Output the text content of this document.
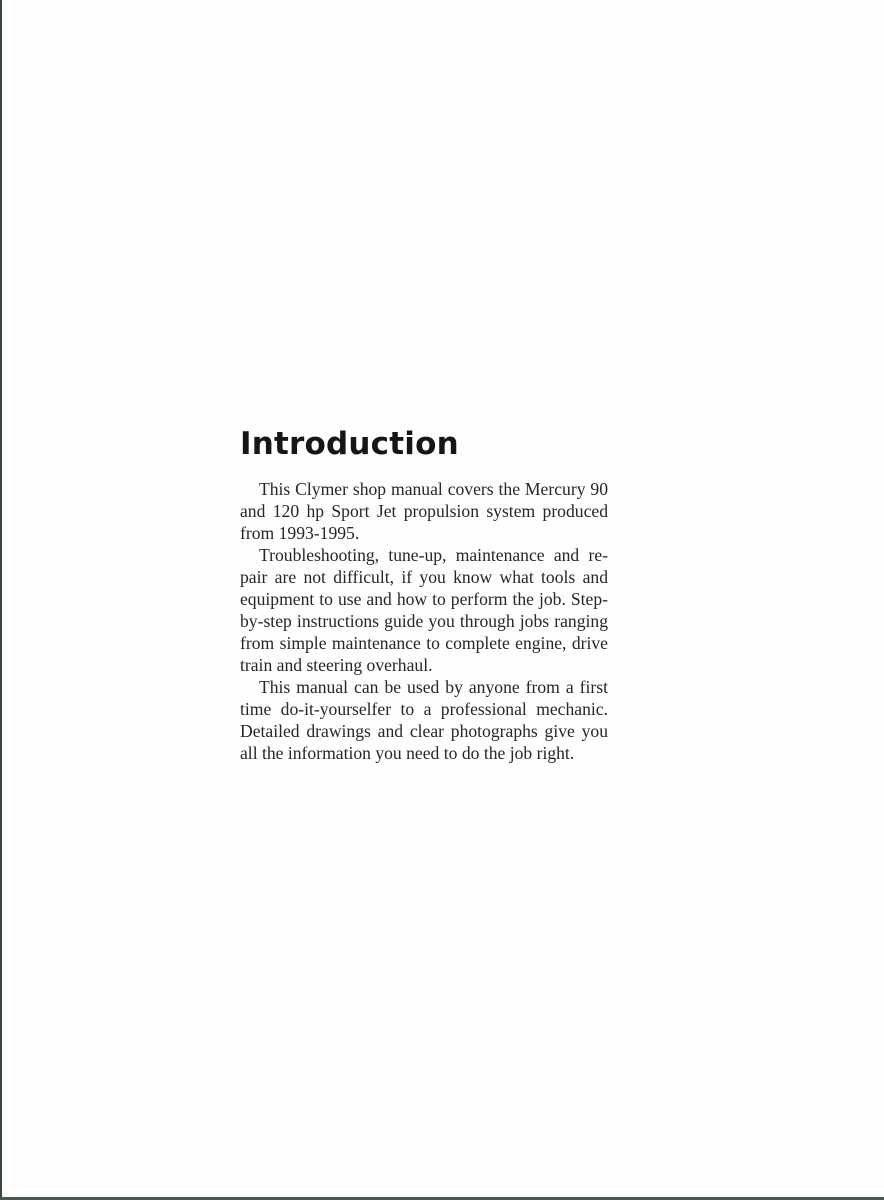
Introduction

This Clymer shop manual covers the Mercury 90 and 120 hp Sport Jet propulsion system produced from 1993-1995.

Troubleshooting, tune-up, maintenance and repair are not difficult, if you know what tools and equipment to use and how to perform the job. Step-by-step instructions guide you through jobs ranging from simple maintenance to complete engine, drive train and steering overhaul.

This manual can be used by anyone from a first time do-it-yourselfer to a professional mechanic. Detailed drawings and clear photographs give you all the information you need to do the job right.
